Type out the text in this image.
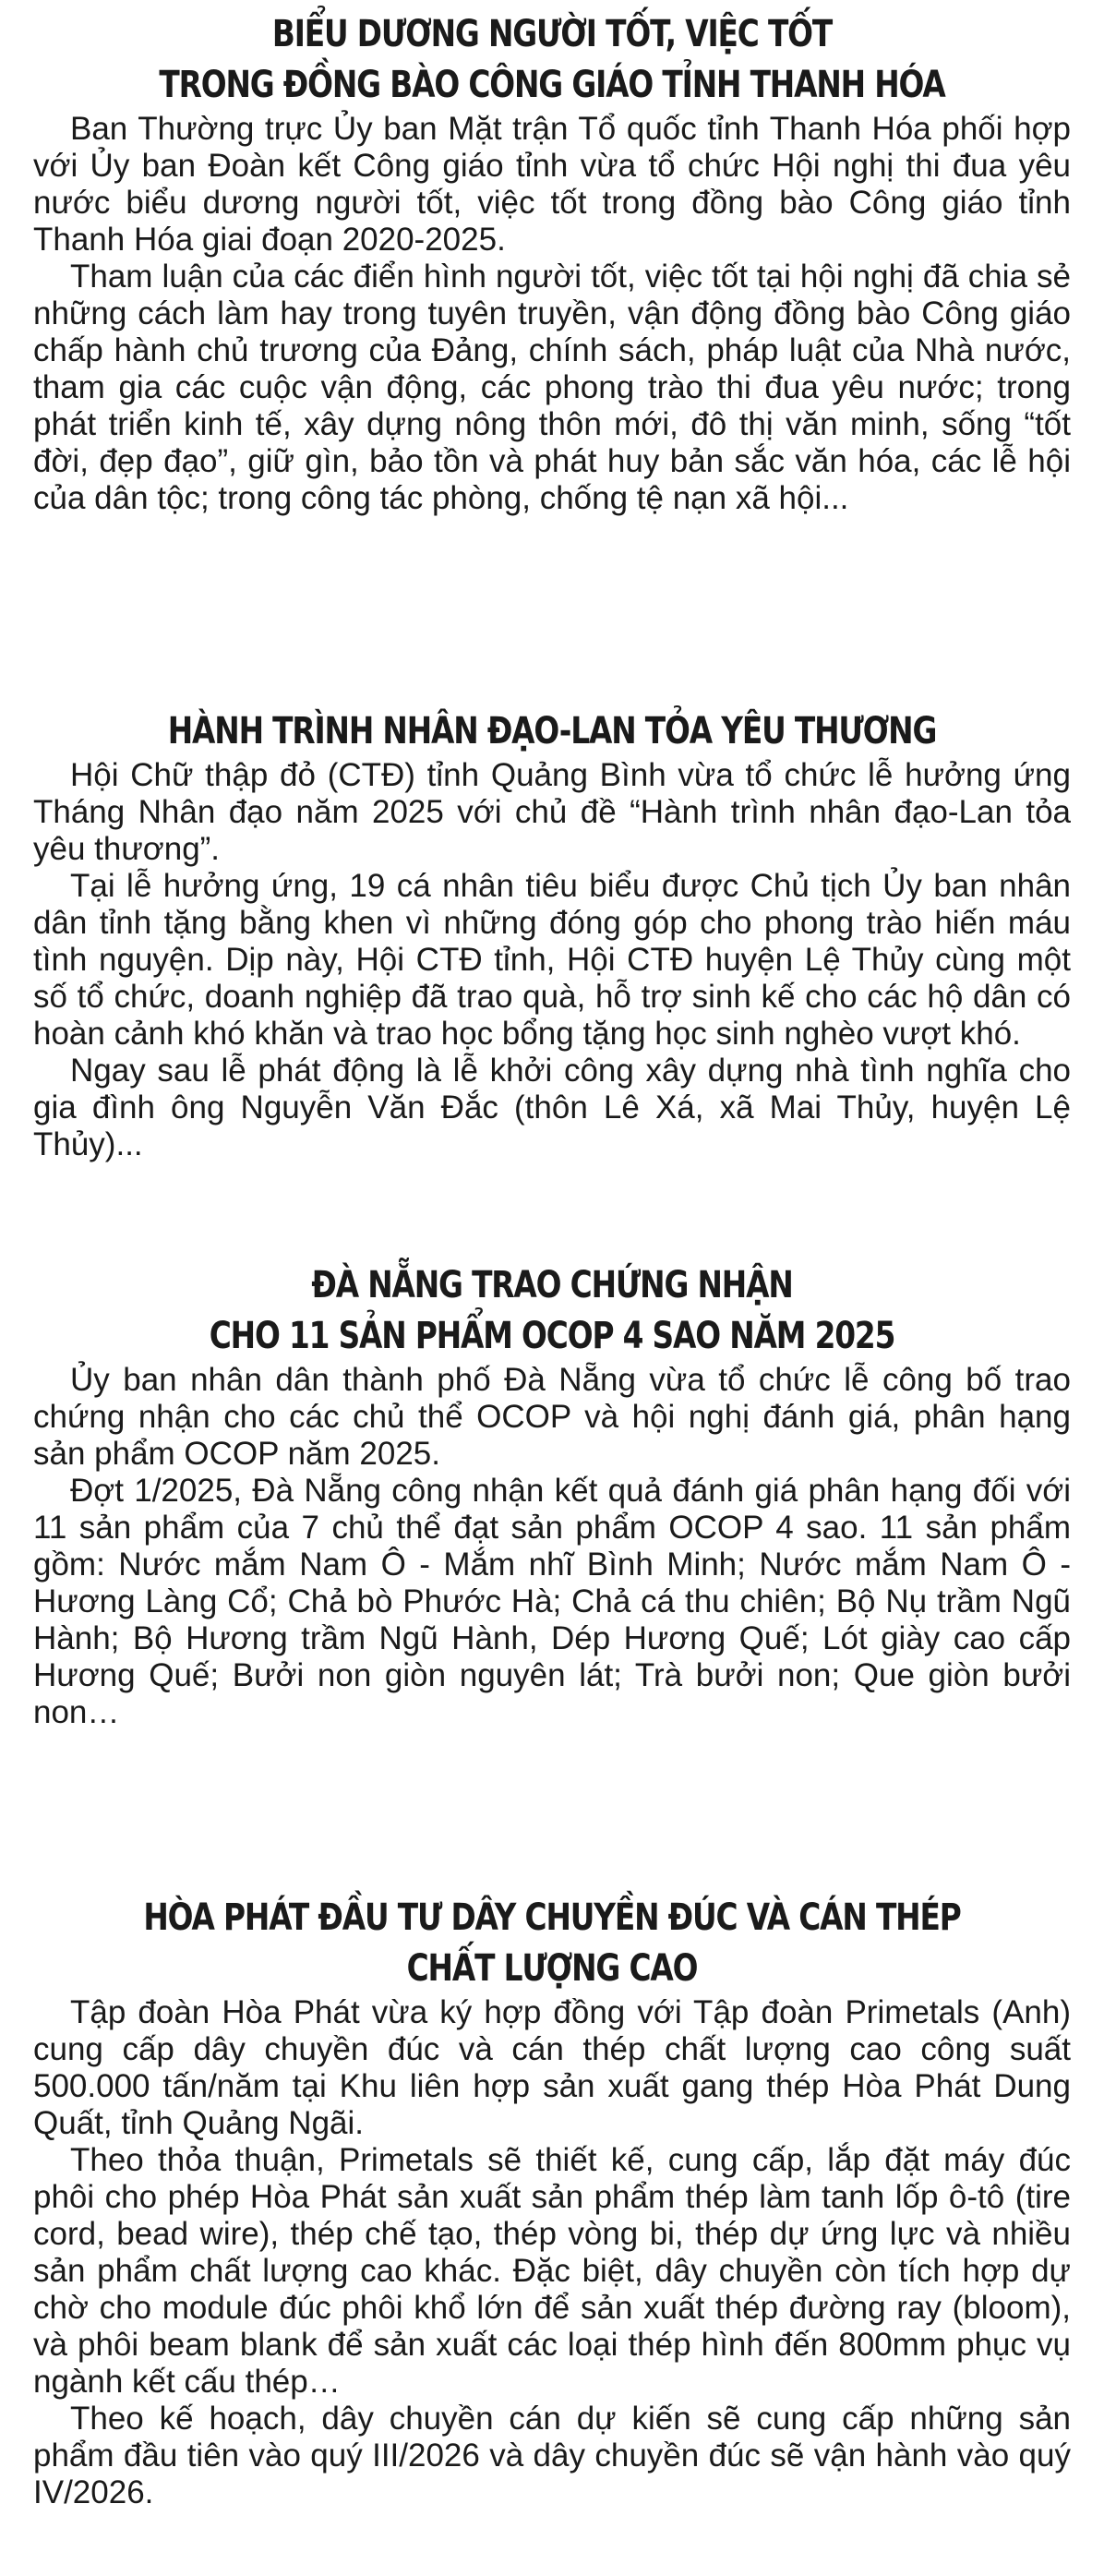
BIỂU DƯƠNG NGƯỜI TỐT, VIỆC TỐT
TRONG ĐỒNG BÀO CÔNG GIÁO TỈNH THANH HÓA

Ban Thường trực Ủy ban Mặt trận Tổ quốc tỉnh Thanh Hóa phối hợp với Ủy ban Đoàn kết Công giáo tỉnh vừa tổ chức Hội nghị thi đua yêu nước biểu dương người tốt, việc tốt trong đồng bào Công giáo tỉnh Thanh Hóa giai đoạn 2020-2025.

Tham luận của các điển hình người tốt, việc tốt tại hội nghị đã chia sẻ những cách làm hay trong tuyên truyền, vận động đồng bào Công giáo chấp hành chủ trương của Đảng, chính sách, pháp luật của Nhà nước, tham gia các cuộc vận động, các phong trào thi đua yêu nước; trong phát triển kinh tế, xây dựng nông thôn mới, đô thị văn minh, sống “tốt đời, đẹp đạo”, giữ gìn, bảo tồn và phát huy bản sắc văn hóa, các lễ hội của dân tộc; trong công tác phòng, chống tệ nạn xã hội...

HÀNH TRÌNH NHÂN ĐẠO-LAN TỎA YÊU THƯƠNG

Hội Chữ thập đỏ (CTĐ) tỉnh Quảng Bình vừa tổ chức lễ hưởng ứng Tháng Nhân đạo năm 2025 với chủ đề “Hành trình nhân đạo-Lan tỏa yêu thương”.

Tại lễ hưởng ứng, 19 cá nhân tiêu biểu được Chủ tịch Ủy ban nhân dân tỉnh tặng bằng khen vì những đóng góp cho phong trào hiến máu tình nguyện. Dịp này, Hội CTĐ tỉnh, Hội CTĐ huyện Lệ Thủy cùng một số tổ chức, doanh nghiệp đã trao quà, hỗ trợ sinh kế cho các hộ dân có hoàn cảnh khó khăn và trao học bổng tặng học sinh nghèo vượt khó.

Ngay sau lễ phát động là lễ khởi công xây dựng nhà tình nghĩa cho gia đình ông Nguyễn Văn Đắc (thôn Lê Xá, xã Mai Thủy, huyện Lệ Thủy)...

ĐÀ NẴNG TRAO CHỨNG NHẬN
CHO 11 SẢN PHẨM OCOP 4 SAO NĂM 2025

Ủy ban nhân dân thành phố Đà Nẵng vừa tổ chức lễ công bố trao chứng nhận cho các chủ thể OCOP và hội nghị đánh giá, phân hạng sản phẩm OCOP năm 2025.

Đợt 1/2025, Đà Nẵng công nhận kết quả đánh giá phân hạng đối với 11 sản phẩm của 7 chủ thể đạt sản phẩm OCOP 4 sao. 11 sản phẩm gồm: Nước mắm Nam Ô - Mắm nhĩ Bình Minh; Nước mắm Nam Ô - Hương Làng Cổ; Chả bò Phước Hà; Chả cá thu chiên; Bộ Nụ trầm Ngũ Hành; Bộ Hương trầm Ngũ Hành, Dép Hương Quế; Lót giày cao cấp Hương Quế; Bưởi non giòn nguyên lát; Trà bưởi non; Que giòn bưởi non…

HÒA PHÁT ĐẦU TƯ DÂY CHUYỀN ĐÚC VÀ CÁN THÉP
CHẤT LƯỢNG CAO

Tập đoàn Hòa Phát vừa ký hợp đồng với Tập đoàn Primetals (Anh) cung cấp dây chuyền đúc và cán thép chất lượng cao công suất 500.000 tấn/năm tại Khu liên hợp sản xuất gang thép Hòa Phát Dung Quất, tỉnh Quảng Ngãi.

Theo thỏa thuận, Primetals sẽ thiết kế, cung cấp, lắp đặt máy đúc phôi cho phép Hòa Phát sản xuất sản phẩm thép làm tanh lốp ô-tô (tire cord, bead wire), thép chế tạo, thép vòng bi, thép dự ứng lực và nhiều sản phẩm chất lượng cao khác. Đặc biệt, dây chuyền còn tích hợp dự chờ cho module đúc phôi khổ lớn để sản xuất thép đường ray (bloom), và phôi beam blank để sản xuất các loại thép hình đến 800mm phục vụ ngành kết cấu thép…

Theo kế hoạch, dây chuyền cán dự kiến sẽ cung cấp những sản phẩm đầu tiên vào quý III/2026 và dây chuyền đúc sẽ vận hành vào quý IV/2026.
